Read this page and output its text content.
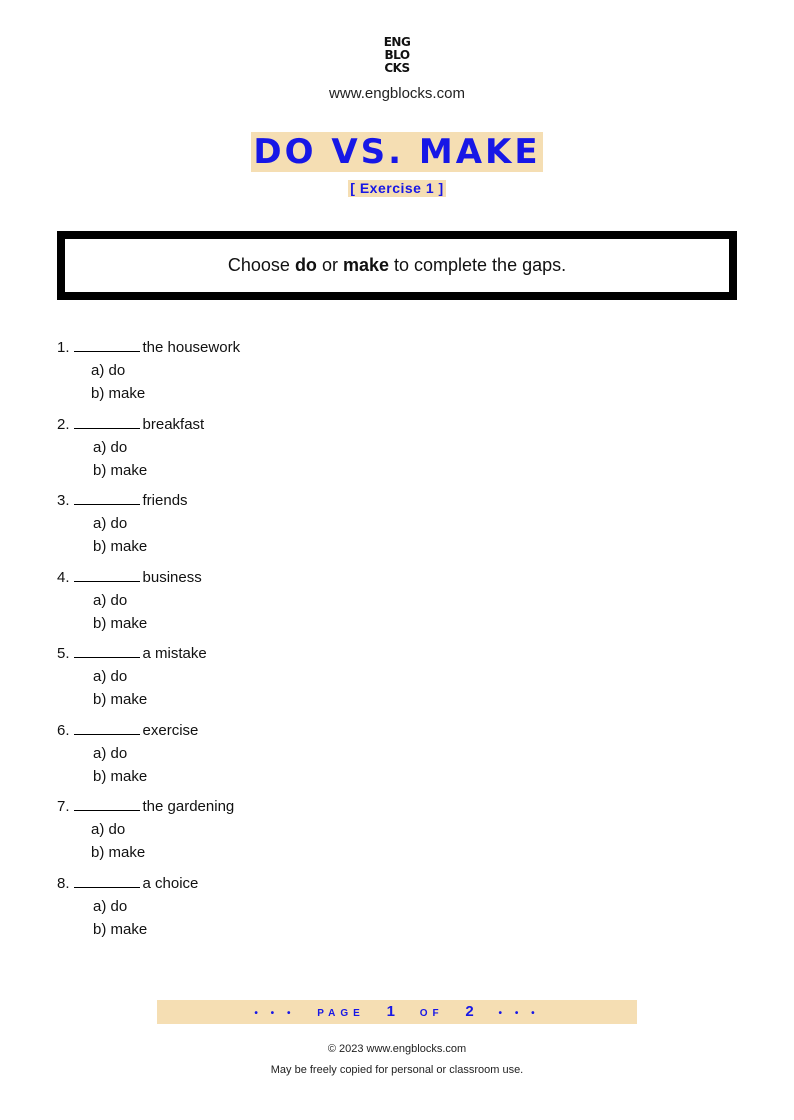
ENG
BLO
CKS
www.engblocks.com
DO VS. MAKE
[ Exercise 1 ]
Choose do or make to complete the gaps.
1.	the housework
a) do
b) make
2.	breakfast
a) do
b) make
3.	friends
a) do
b) make
4.	business
a) do
b) make
5.	a mistake
a) do
b) make
6.	exercise
a) do
b) make
7.	the gardening
a) do
b) make
8.	a choice
a) do
b) make
• • • PAGE 1 OF 2 • • •
© 2023 www.engblocks.com
May be freely copied for personal or classroom use.
